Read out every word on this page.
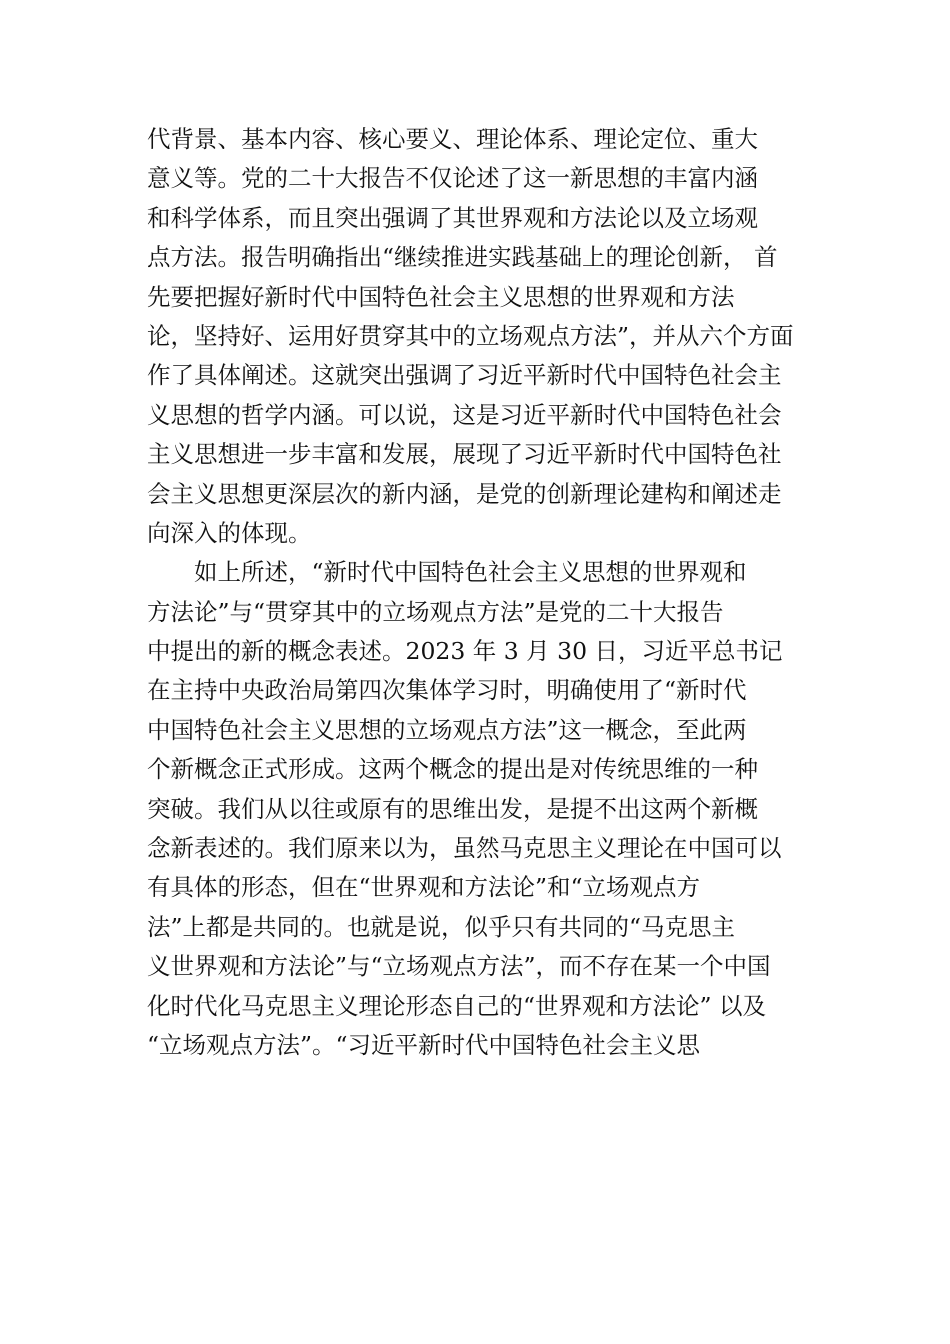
代背景、基本内容、核心要义、理论体系、理论定位、重大
意义等。党的二十大报告不仅论述了这一新思想的丰富内涵
和科学体系，而且突出强调了其世界观和方法论以及立场观
点方法。报告明确指出“继续推进实践基础上的理论创新， 首
先要把握好新时代中国特色社会主义思想的世界观和方法
论，坚持好、运用好贯穿其中的立场观点方法”，并从六个方面
作了具体阐述。这就突出强调了习近平新时代中国特色社会主
义思想的哲学内涵。可以说，这是习近平新时代中国特色社会
主义思想进一步丰富和发展，展现了习近平新时代中国特色社
会主义思想更深层次的新内涵，是党的创新理论建构和阐述走
向深入的体现。
如上所述，“新时代中国特色社会主义思想的世界观和
方法论”与“贯穿其中的立场观点方法”是党的二十大报告
中提出的新的概念表述。2023 年 3 月 30 日，习近平总书记
在主持中央政治局第四次集体学习时，明确使用了“新时代
中国特色社会主义思想的立场观点方法”这一概念，至此两
个新概念正式形成。这两个概念的提出是对传统思维的一种
突破。我们从以往或原有的思维出发，是提不出这两个新概
念新表述的。我们原来以为，虽然马克思主义理论在中国可以
有具体的形态，但在“世界观和方法论”和“立场观点方
法”上都是共同的。也就是说，似乎只有共同的“马克思主
义世界观和方法论”与“立场观点方法”，而不存在某一个中国
化时代化马克思主义理论形态自己的“世界观和方法论” 以及
“立场观点方法”。“习近平新时代中国特色社会主义思
